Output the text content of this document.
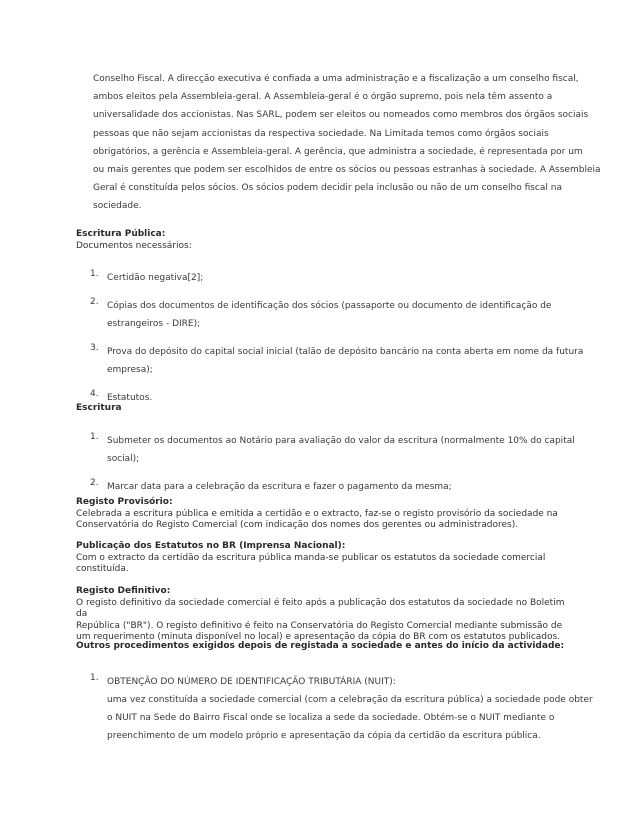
Conselho Fiscal. A direcção executiva é confiada a uma administração e a fiscalização a um conselho fiscal,
ambos eleitos pela Assembleia-geral. A Assembleia-geral é o órgão supremo, pois nela têm assento a
universalidade dos accionistas. Nas SARL, podem ser eleitos ou nomeados como membros dos órgãos sociais
pessoas que não sejam accionistas da respectiva sociedade. Na Limitada temos como órgãos sociais
obrigatórios, a gerência e Assembleia-geral. A gerência, que administra a sociedade, é representada por um
ou mais gerentes que podem ser escolhidos de entre os sócios ou pessoas estranhas à sociedade. A Assembleia
Geral é constituída pelos sócios. Os sócios podem decidir pela inclusão ou não de um conselho fiscal na
sociedade.
Escritura Pública:
Documentos necessários:
1. Certidão negativa[2];
2. Cópias dos documentos de identificação dos sócios (passaporte ou documento de identificação de
estrangeiros - DIRE);
3. Prova do depósito do capital social inicial (talão de depósito bancário na conta aberta em nome da futura
empresa);
4. Estatutos.
Escritura
1. Submeter os documentos ao Notário para avaliação do valor da escritura (normalmente 10% do capital
social);
2. Marcar data para a celebração da escritura e fazer o pagamento da mesma;
Registo Provisório:
Celebrada a escritura pública e emitida a certidão e o extracto, faz-se o registo provisório da sociedade na
Conservatória do Registo Comercial (com indicação dos nomes dos gerentes ou administradores).
Publicação dos Estatutos no BR (Imprensa Nacional):
Com o extracto da certidão da escritura pública manda-se publicar os estatutos da sociedade comercial
constituída.
Registo Definitivo:
O registo definitivo da sociedade comercial é feito após a publicação dos estatutos da sociedade no Boletim da
República ("BR"). O registo definitivo é feito na Conservatória do Registo Comercial mediante submissão de
um requerimento (minuta disponível no local) e apresentação da cópia do BR com os estatutos publicados.
Outros procedimentos exigidos depois de registada a sociedade e antes do início da actividade:
1. OBTENÇÃO DO NÚMERO DE IDENTIFICAÇÃO TRIBUTÁRIA (NUIT):
uma vez constituída a sociedade comercial (com a celebração da escritura pública) a sociedade pode obter
o NUIT na Sede do Bairro Fiscal onde se localiza a sede da sociedade. Obtém-se o NUIT mediante o
preenchimento de um modelo próprio e apresentação da cópia da certidão da escritura pública.
